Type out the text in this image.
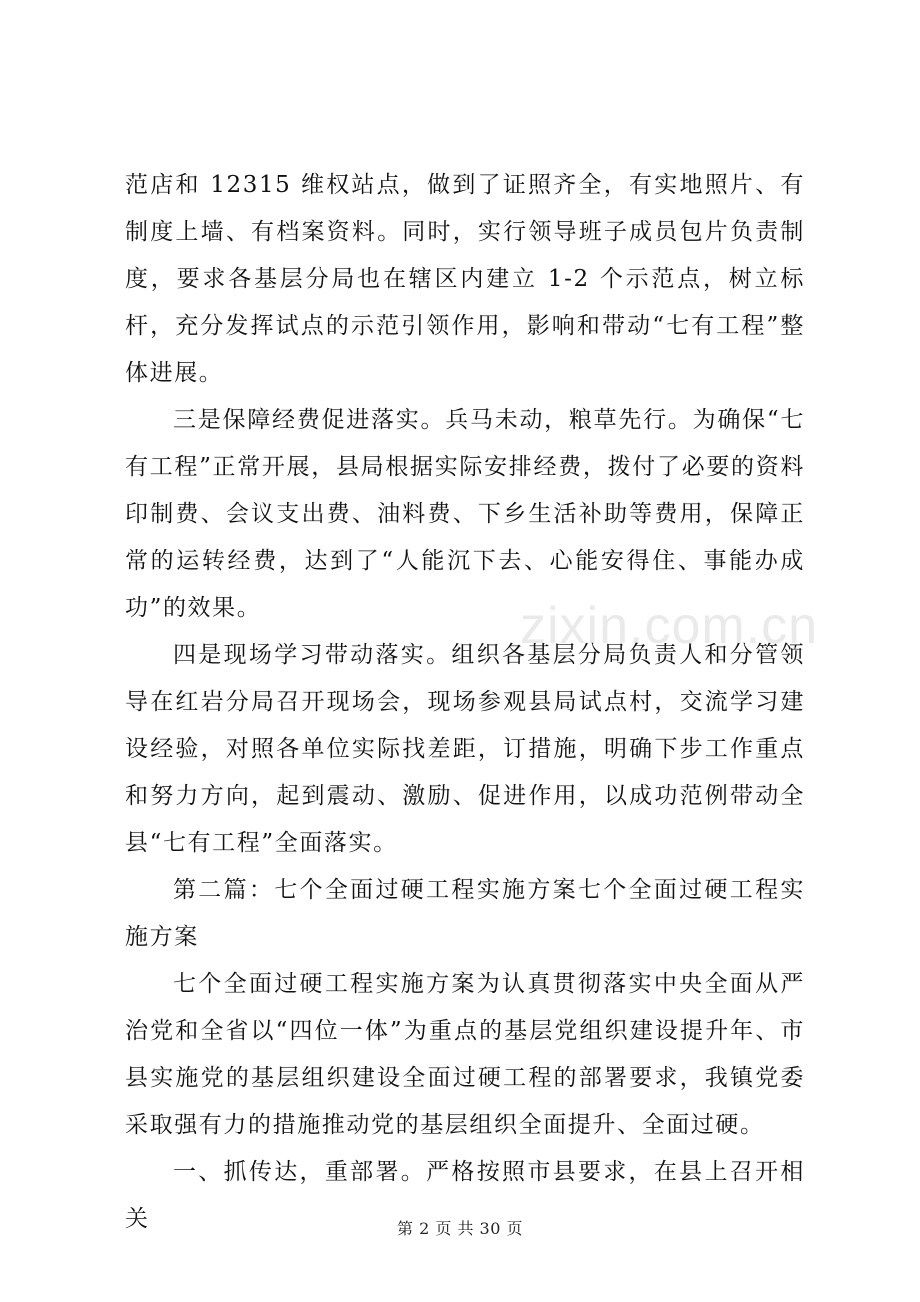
zixin.com.cn

范店和 12315 维权站点，做到了证照齐全，有实地照片、有制度上墙、有档案资料。同时，实行领导班子成员包片负责制度，要求各基层分局也在辖区内建立 1-2 个示范点，树立标杆，充分发挥试点的示范引领作用，影响和带动“七有工程”整体进展。

三是保障经费促进落实。兵马未动，粮草先行。为确保“七有工程”正常开展，县局根据实际安排经费，拨付了必要的资料印制费、会议支出费、油料费、下乡生活补助等费用，保障正常的运转经费，达到了“人能沉下去、心能安得住、事能办成功”的效果。

四是现场学习带动落实。组织各基层分局负责人和分管领导在红岩分局召开现场会，现场参观县局试点村，交流学习建设经验，对照各单位实际找差距，订措施，明确下步工作重点和努力方向，起到震动、激励、促进作用，以成功范例带动全县“七有工程”全面落实。

第二篇：七个全面过硬工程实施方案七个全面过硬工程实施方案

七个全面过硬工程实施方案为认真贯彻落实中央全面从严治党和全省以“四位一体”为重点的基层党组织建设提升年、市县实施党的基层组织建设全面过硬工程的部署要求，我镇党委采取强有力的措施推动党的基层组织全面提升、全面过硬。

一、抓传达，重部署。严格按照市县要求，在县上召开相关	第 2 页 共 30 页
